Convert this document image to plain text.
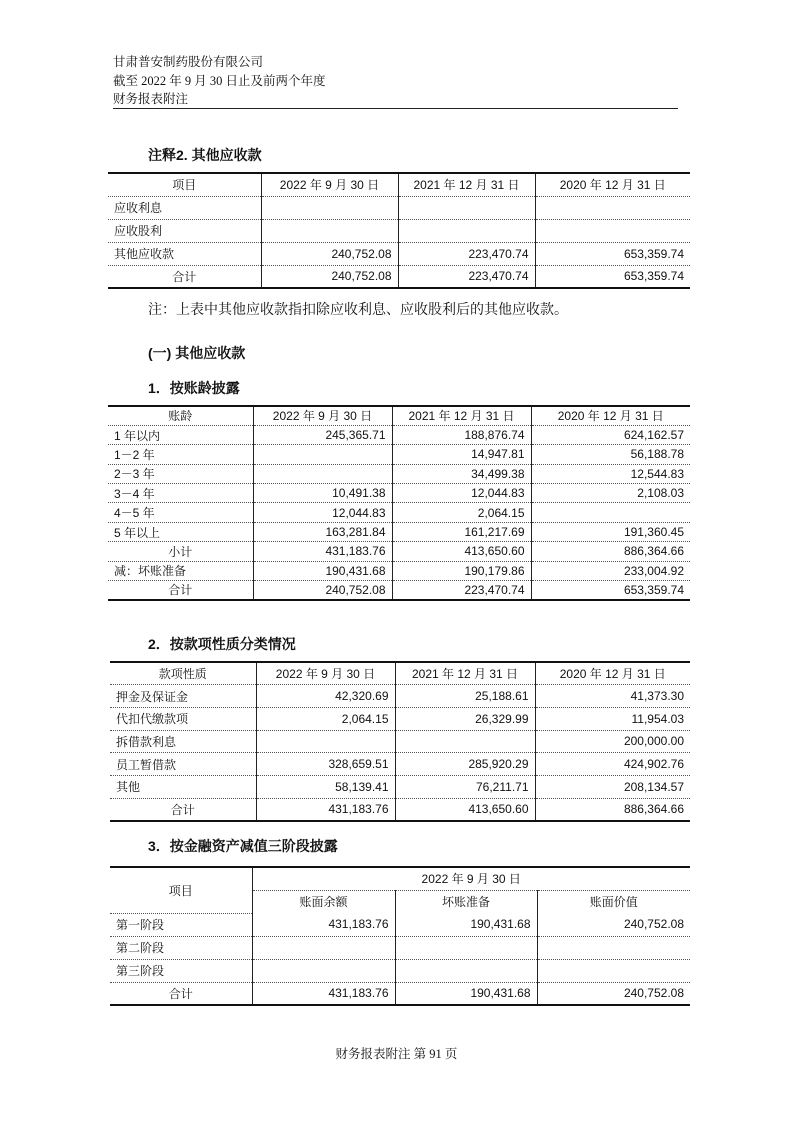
甘肃普安制药股份有限公司
截至 2022 年 9 月 30 日止及前两个年度
财务报表附注
注释2. 其他应收款
项目	2022 年 9 月 30 日	2021 年 12 月 31 日	2020 年 12 月 31 日
应收利息			
应收股利			
其他应收款	240,752.08	223,470.74	653,359.74
合计	240,752.08	223,470.74	653,359.74
注：上表中其他应收款指扣除应收利息、应收股利后的其他应收款。
(一) 其他应收款
1．按账龄披露
账龄	2022 年 9 月 30 日	2021 年 12 月 31 日	2020 年 12 月 31 日
1 年以内	245,365.71	188,876.74	624,162.57
1－2 年		14,947.81	56,188.78
2－3 年		34,499.38	12,544.83
3－4 年	10,491.38	12,044.83	2,108.03
4－5 年	12,044.83	2,064.15	
5 年以上	163,281.84	161,217.69	191,360.45
小计	431,183.76	413,650.60	886,364.66
减：坏账准备	190,431.68	190,179.86	233,004.92
合计	240,752.08	223,470.74	653,359.74
2．按款项性质分类情况
款项性质	2022 年 9 月 30 日	2021 年 12 月 31 日	2020 年 12 月 31 日
押金及保证金	42,320.69	25,188.61	41,373.30
代扣代缴款项	2,064.15	26,329.99	11,954.03
拆借款利息			200,000.00
员工暂借款	328,659.51	285,920.29	424,902.76
其他	58,139.41	76,211.71	208,134.57
合计	431,183.76	413,650.60	886,364.66
3．按金融资产减值三阶段披露
项目	2022 年 9 月 30 日		
	账面余额	坏账准备	账面价值
第一阶段	431,183.76	190,431.68	240,752.08
第二阶段			
第三阶段			
合计	431,183.76	190,431.68	240,752.08
财务报表附注 第 91 页
